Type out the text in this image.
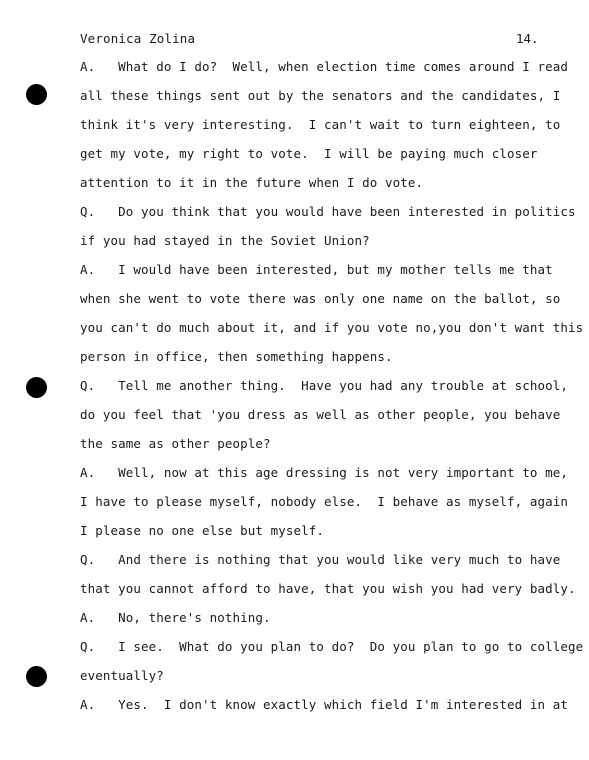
Veronica Zolina	14.
A.   What do I do?  Well, when election time comes around I read
all these things sent out by the senators and the candidates, I
think it's very interesting.  I can't wait to turn eighteen, to
get my vote, my right to vote.  I will be paying much closer
attention to it in the future when I do vote.
Q.   Do you think that you would have been interested in politics
if you had stayed in the Soviet Union?
A.   I would have been interested, but my mother tells me that
when she went to vote there was only one name on the ballot, so
you can't do much about it, and if you vote no,you don't want this
person in office, then something happens.
Q.   Tell me another thing.  Have you had any trouble at school,
do you feel that 'you dress as well as other people, you behave
the same as other people?
A.   Well, now at this age dressing is not very important to me,
I have to please myself, nobody else.  I behave as myself, again
I please no one else but myself.
Q.   And there is nothing that you would like very much to have
that you cannot afford to have, that you wish you had very badly.
A.   No, there's nothing.
Q.   I see.  What do you plan to do?  Do you plan to go to college
eventually?
A.   Yes.  I don't know exactly which field I'm interested in at
